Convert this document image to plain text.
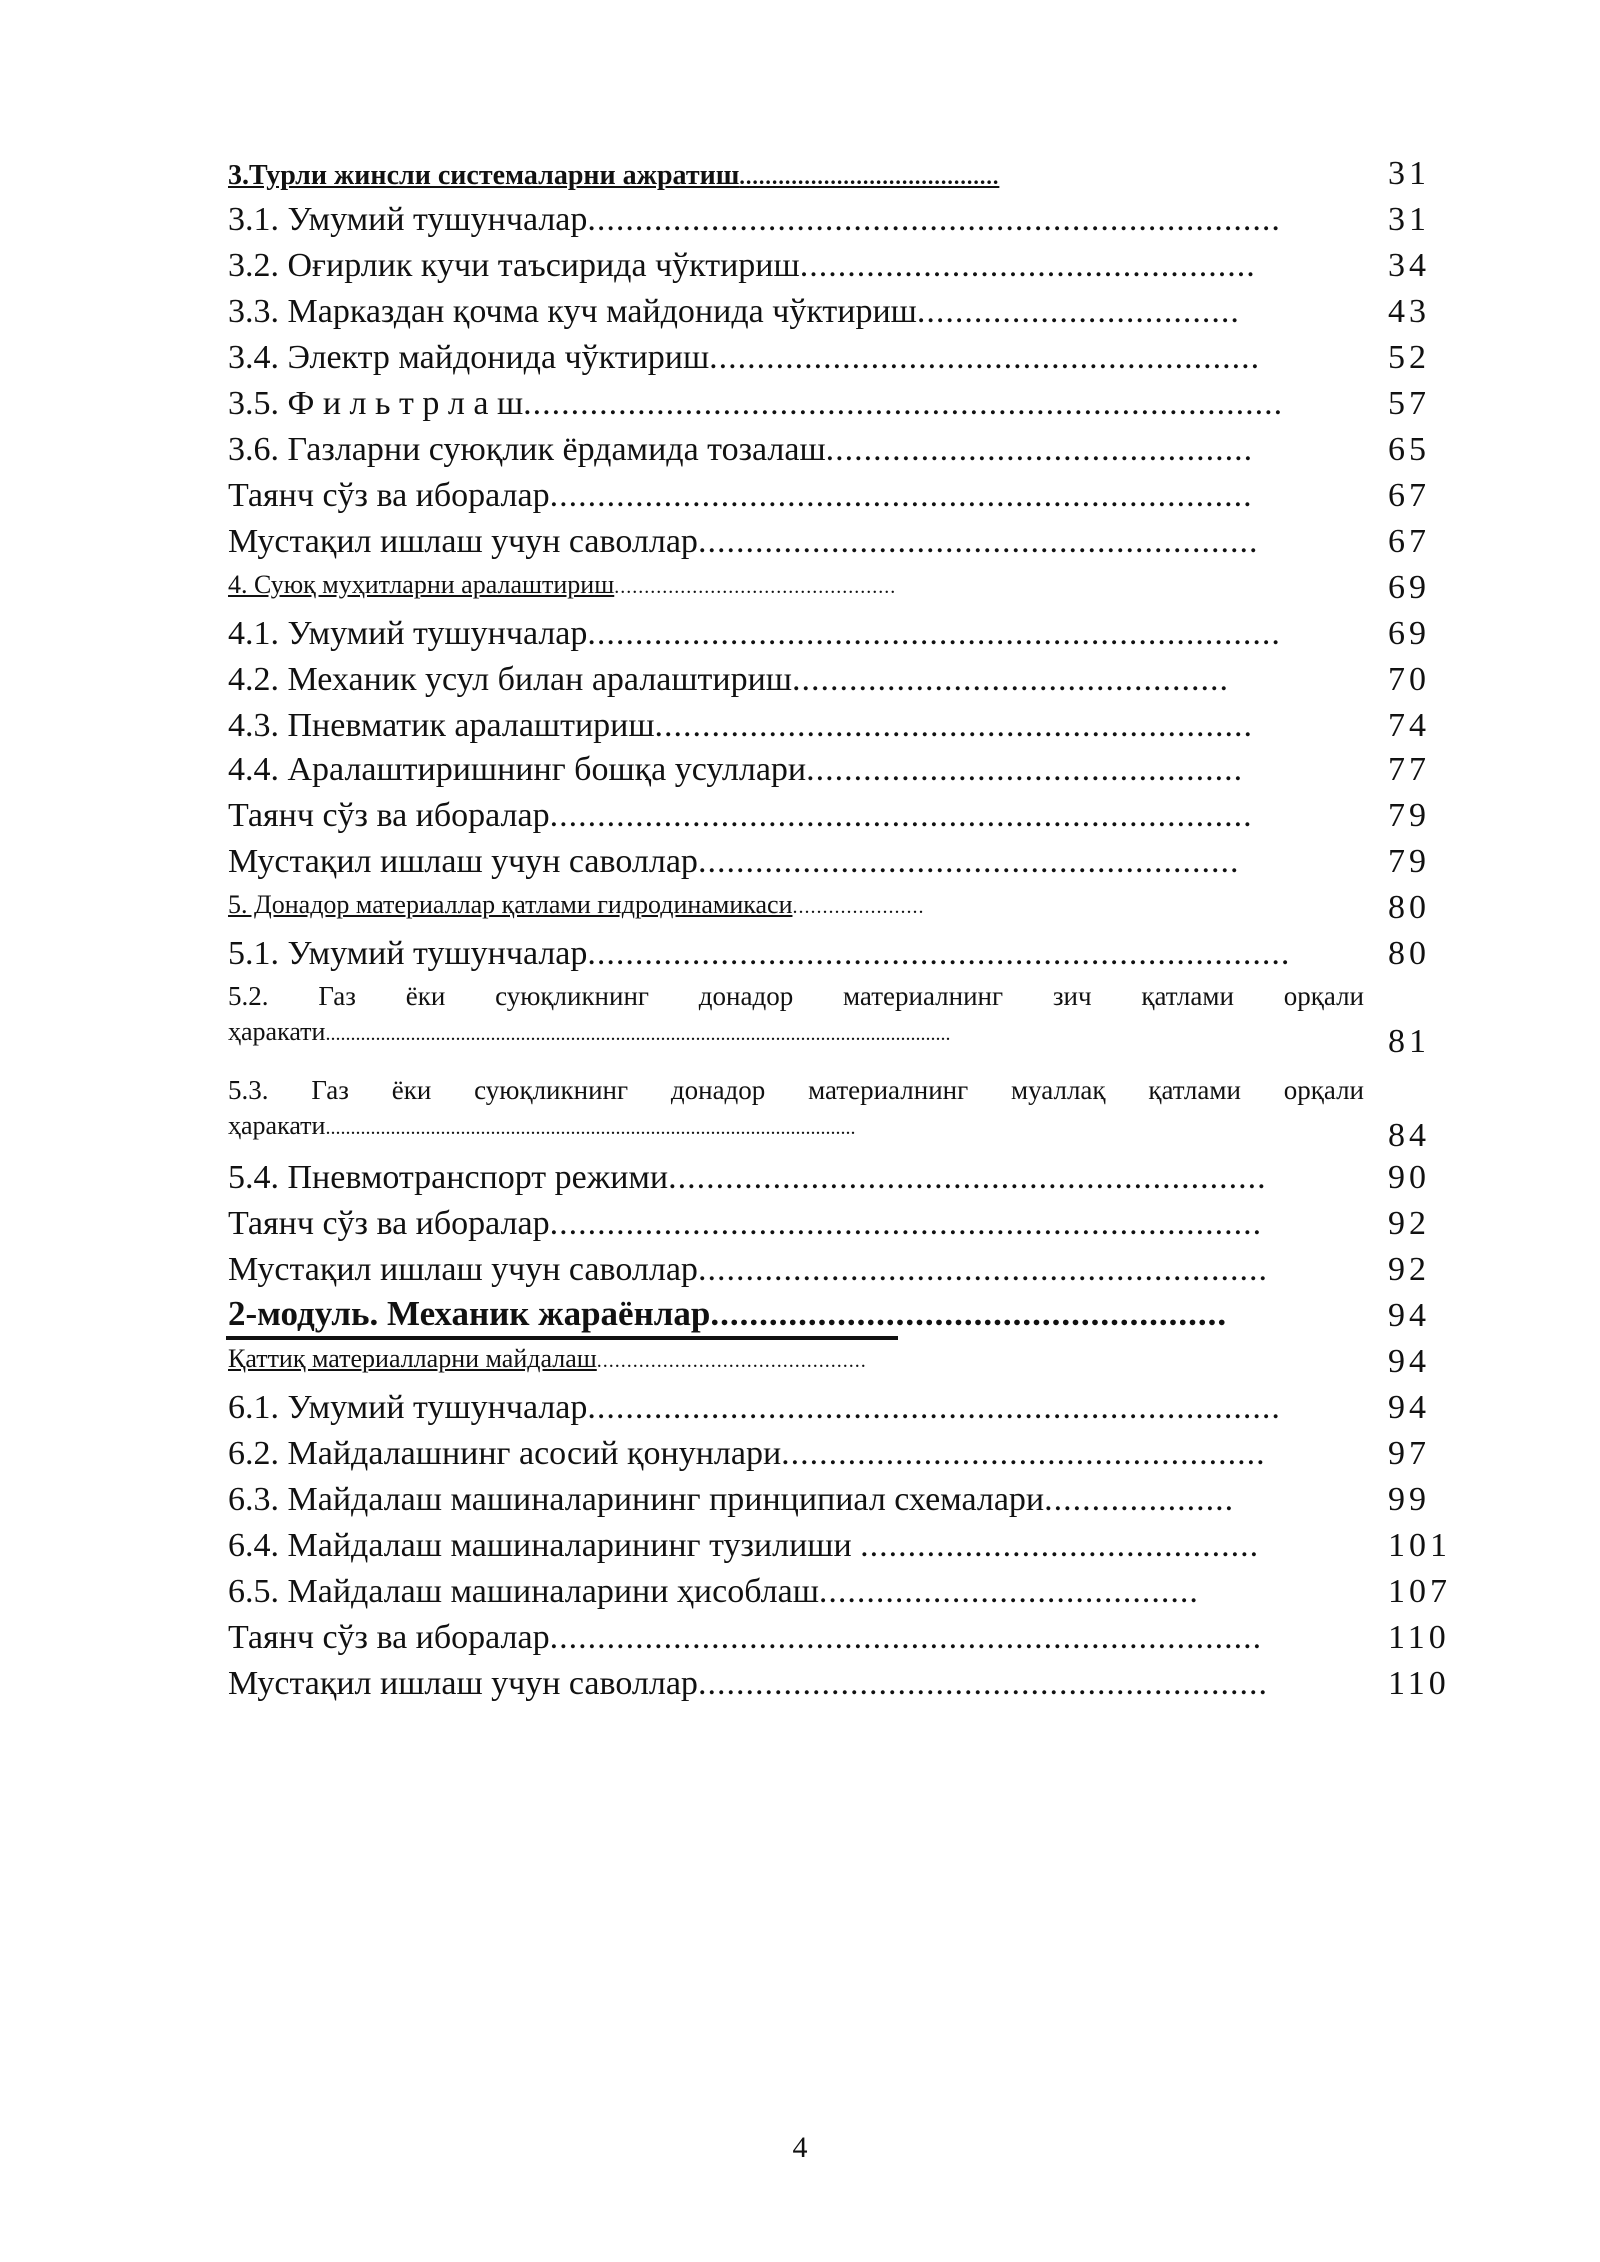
3.Турли жинсли системаларни ажратиш........................................	31
3.1. Умумий тушунчалар.........................................................................	31
3.2. Оғирлик кучи таъсирида чўктириш................................................	34
3.3. Марказдан қочма куч майдонида чўктириш..................................	43
3.4. Электр майдонида чўктириш..........................................................	52
3.5. Ф и л ь т р л а ш................................................................................	57
3.6. Газларни суюқлик ёрдамида тозалаш.............................................	65
Таянч сўз ва иборалар..........................................................................	67
Мустақил ишлаш учун саволлар...........................................................	67
4. Суюқ муҳитларни аралаштириш...............................................	69
4.1. Умумий тушунчалар.........................................................................	69
4.2. Механик усул билан аралаштириш..............................................	70
4.3. Пневматик аралаштириш...............................................................	74
4.4. Аралаштиришнинг бошқа усуллари..............................................	77
Таянч сўз ва иборалар..........................................................................	79
Мустақил ишлаш учун саволлар.........................................................	79
5. Донадор материаллар қатлами гидродинамикаси......................	80
5.1. Умумий тушунчалар..........................................................................	80
5.2. Газ ёки суюқликнинг донадор материалнинг зич қатлами орқали
ҳаракати.............................................................................................................................	81
5.3. Газ ёки суюқликнинг донадор материалнинг муаллақ қатлами орқали
ҳаракати..........................................................................................................	84
5.4. Пневмотранспорт режими...............................................................	90
Таянч сўз ва иборалар...........................................................................	92
Мустақил ишлаш учун саволлар............................................................	92
2-модуль. Механик жараёнлар.....................................................	94
Қаттиқ материалларни майдалаш.............................................	94
6.1. Умумий тушунчалар.........................................................................	94
6.2. Майдалашнинг асосий қонунлари...................................................	97
6.3. Майдалаш машиналарининг принципиал схемалари....................	99
6.4. Майдалаш машиналарининг тузилиши ..........................................	101
6.5. Майдалаш машиналарини ҳисоблаш........................................	107
Таянч сўз ва иборалар...........................................................................	110
Мустақил ишлаш учун саволлар............................................................	110
4
